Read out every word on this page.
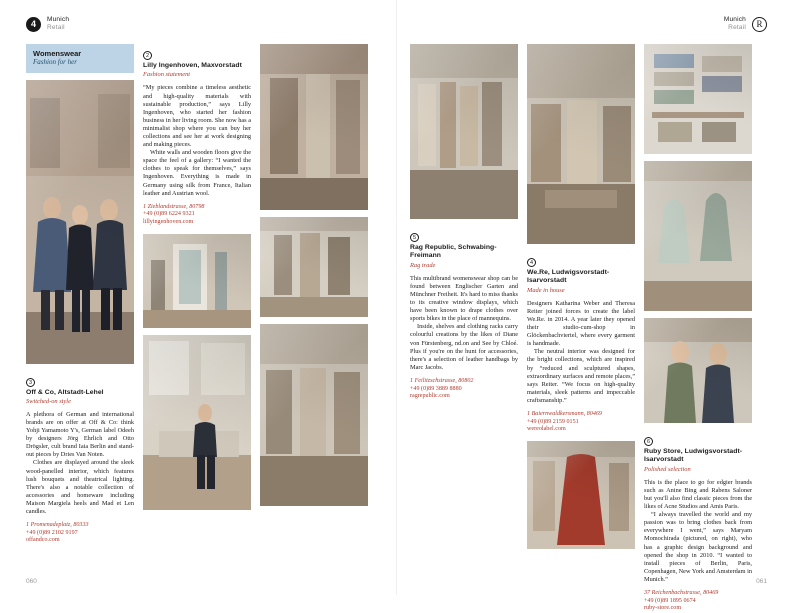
4	Munich
Retail
Womenswear
Fashion for her
3
Off & Co, Altstadt-Lehel
Switched-on style

A plethora of German and international brands are on offer at Off & Co: think Yohji Yamamoto Y's, German label Odeeh by designers Jörg Ehrlich and Otto Drögsler, cult brand Iaia Berlin and stand-out pieces by Dries Van Noten.

Clothes are displayed around the sleek wood-panelled interior, which features lush bouquets and theatrical lighting. There's also a notable collection of accessories and homeware including Maison Margiela heels and Mad et Len candles.

1 Promenadeplatz, 80333
+49 (0)89 2102 9197
offandco.com
2
Lilly Ingenhoven, Maxvorstadt
Fashion statement

“My pieces combine a timeless aesthetic and high-quality materials with sustainable production,” says Lilly Ingenhoven, who started her fashion business in her living room. She now has a minimalist shop where you can buy her collections and see her at work designing and making pieces.

White walls and wooden floors give the space the feel of a gallery: “I wanted the clothes to speak for themselves,” says Ingenhoven. Everything is made in Germany using silk from France, Italian leather and Austrian wool.

1 Zieblandstrasse, 80798
+49 (0)89 6224 9321
lillyingenhoven.com
060
Munich
Retail	R
5
Rag Republic, Schwabing-Freimann
Rag trade

This multibrand womenswear shop can be found between Englischer Garten and Münchner Freiheit. It's hard to miss thanks to its creative window displays, which have been known to drape clothes over sports bikes in the place of mannequins.

Inside, shelves and clothing racks carry colourful creations by the likes of Diane von Fürstenberg, nd.on and See by Chloé. Plus if you're on the hunt for accessories, there's a selection of leather handbags by Marc Jacobs.

1 Feilitzschstrasse, 80802
+49 (0)89 3889 8880
ragrepublic.com
4
We.Re, Ludwigsvorstadt-Isarvorstadt
Made in house

Designers Katharina Weber and Theresa Reiter joined forces to create the label We.Re. in 2014. A year later they opened their studio-cum-shop in Glöckenbachviertel, where every garment is handmade.

The neutral interior was designed for the bright collections, which are inspired by “reduced and sculptured shapes, extraordinary surfaces and remote places,” says Reiter. “We focus on high-quality materials, sleek patterns and impeccable craftsmanship.”

1 Baiernwaldkersmann, 80469
+49 (0)89 2159 0151
wereolabel.com
6
Ruby Store, Ludwigsvorstadt-Isarvorstadt
Polished selection

This is the place to go for edgier brands such as Anine Bing and Rabens Saloner but you'll also find classic pieces from the likes of Acne Studios and Amis Paris.

“I always travelled the world and my passion was to bring clothes back from everywhere I went,” says Maryam Momochirada (pictured, on right), who has a graphic design background and opened the shop in 2010. “I wanted to install pieces of Berlin, Paris, Copenhagen, New York and Amsterdam in Munich.”

37 Reichenbachstrasse, 80469
+49 (0)89 1895 0674
ruby-store.com
061
